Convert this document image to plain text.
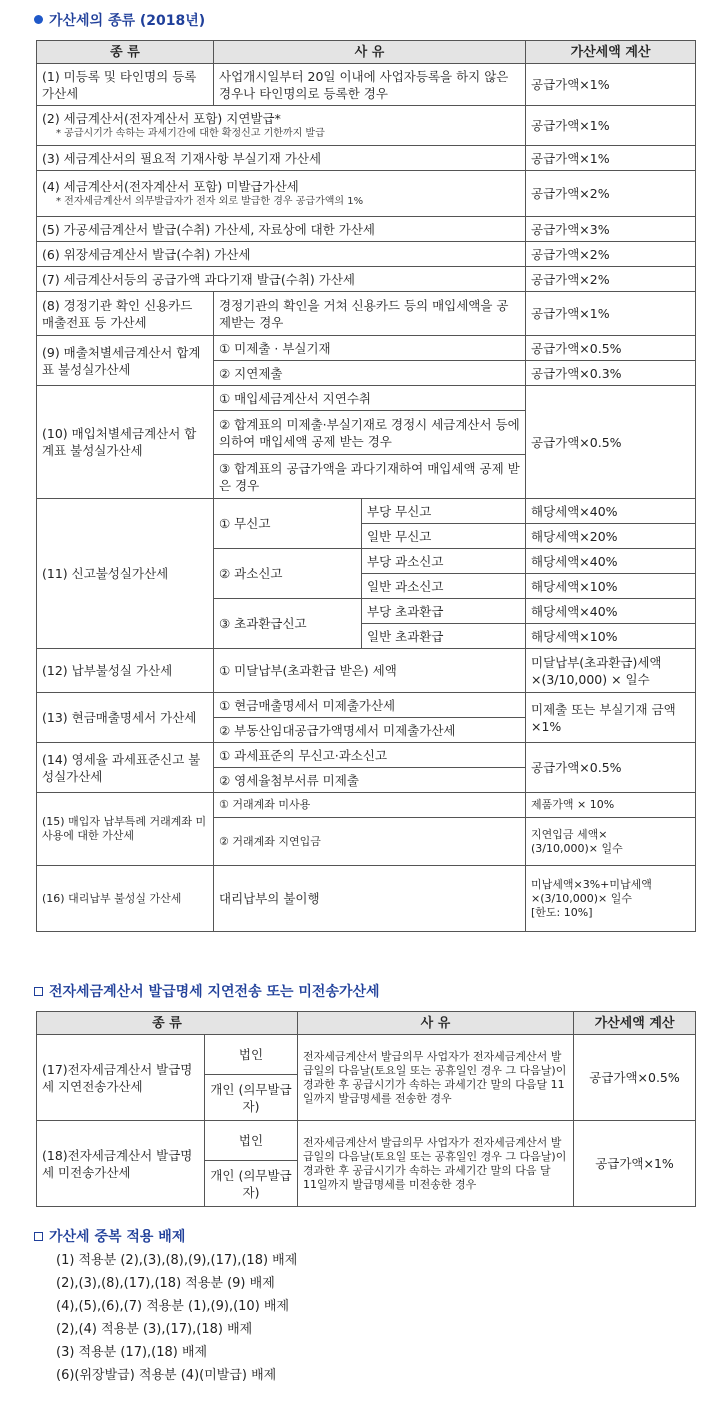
가산세의 종류 (2018년)
종 류	사 유		가산세액 계산
(1) 미등록 및 타인명의 등록 가산세	사업개시일부터 20일 이내에 사업자등록을 하지 않은 경우나 타인명의로 등록한 경우		공급가액×1%

(2) 세금계산서(전자계산서 포함) 지연발급*
* 공급시기가 속하는 과세기간에 대한 확정신고 기한까지 발급			공급가액×1%
(3) 세금계산서의 필요적 기재사항 부실기재 가산세			공급가액×1%

(4) 세금계산서(전자계산서 포함) 미발급가산세
* 전자세금계산서 의무발급자가 전자 외로 발급한 경우 공급가액의 1%			공급가액×2%
(5) 가공세금계산서 발급(수취) 가산세, 자료상에 대한 가산세			공급가액×3%
(6) 위장세금계산서 발급(수취) 가산세			공급가액×2%
(7) 세금계산서등의 공급가액 과다기재 발급(수취) 가산세			공급가액×2%
(8) 경정기관 확인 신용카드 매출전표 등 가산세	경정기관의 확인을 거쳐 신용카드 등의 매입세액을 공제받는 경우		공급가액×1%
(9) 매출처별세금계산서 합계표 불성실가산세	① 미제출 · 부실기재		공급가액×0.5%
	② 지연제출		공급가액×0.3%
(10) 매입처별세금계산서 합계표 불성실가산세	① 매입세금계산서 지연수취		공급가액×0.5%
	② 합계표의 미제출·부실기재로 경정시 세금계산서 등에 의하여 매입세액 공제 받는 경우		
	③ 합계표의 공급가액을 과다기재하여 매입세액 공제 받은 경우		
(11) 신고불성실가산세	① 무신고	부당 무신고	해당세액×40%
		일반 무신고	해당세액×20%
	② 과소신고	부당 과소신고	해당세액×40%
		일반 과소신고	해당세액×10%
	③ 초과환급신고	부당 초과환급	해당세액×40%
		일반 초과환급	해당세액×10%
(12) 납부불성실 가산세	① 미달납부(초과환급 받은) 세액		미달납부(초과환급)세액×(3/10,000) × 일수
(13) 현금매출명세서 가산세	① 현금매출명세서 미제출가산세		미제출 또는 부실기재 금액×1%
	② 부동산임대공급가액명세서 미제출가산세		
(14) 영세율 과세표준신고 불성실가산세	① 과세표준의 무신고·과소신고		공급가액×0.5%
	② 영세율첨부서류 미제출		
(15) 매입자 납부특례 거래계좌 미사용에 대한 가산세	① 거래계좌 미사용		제품가액 × 10%
	② 거래계좌 지연입금		지연입금 세액×
(3/10,000)× 일수

(16) 대리납부 불성실 가산세	대리납부의 불이행		미납세액×3%+미납세액×(3/10,000)× 일수
[한도: 10%]
전자세금계산서 발급명세 지연전송 또는 미전송가산세
종 류		사 유	가산세액 계산
(17)전자세금계산서 발급명세 지연전송가산세	법인	전자세금계산서 발급의무 사업자가 전자세금계산서 발급일의 다음날(토요일 또는 공휴일인 경우 그 다음날)이 경과한 후 공급시기가 속하는 과세기간 말의 다음달 11일까지 발급명세를 전송한 경우	공급가액×0.5%
	개인 (의무발급자)		
(18)전자세금계산서 발급명세 미전송가산세	법인	전자세금계산서 발급의무 사업자가 전자세금계산서 발급일의 다음날(토요일 또는 공휴일인 경우 그 다음날)이 경과한 후 공급시기가 속하는 과세기간 말의 다음 달 11일까지 발급명세를 미전송한 경우	공급가액×1%
	개인 (의무발급자)		
가산세 중복 적용 배제
(1) 적용분 (2),(3),(8),(9),(17),(18) 배제
(2),(3),(8),(17),(18) 적용분 (9) 배제
(4),(5),(6),(7) 적용분 (1),(9),(10) 배제
(2),(4) 적용분 (3),(17),(18) 배제
(3) 적용분 (17),(18) 배제
(6)(위장발급) 적용분 (4)(미발급) 배제
